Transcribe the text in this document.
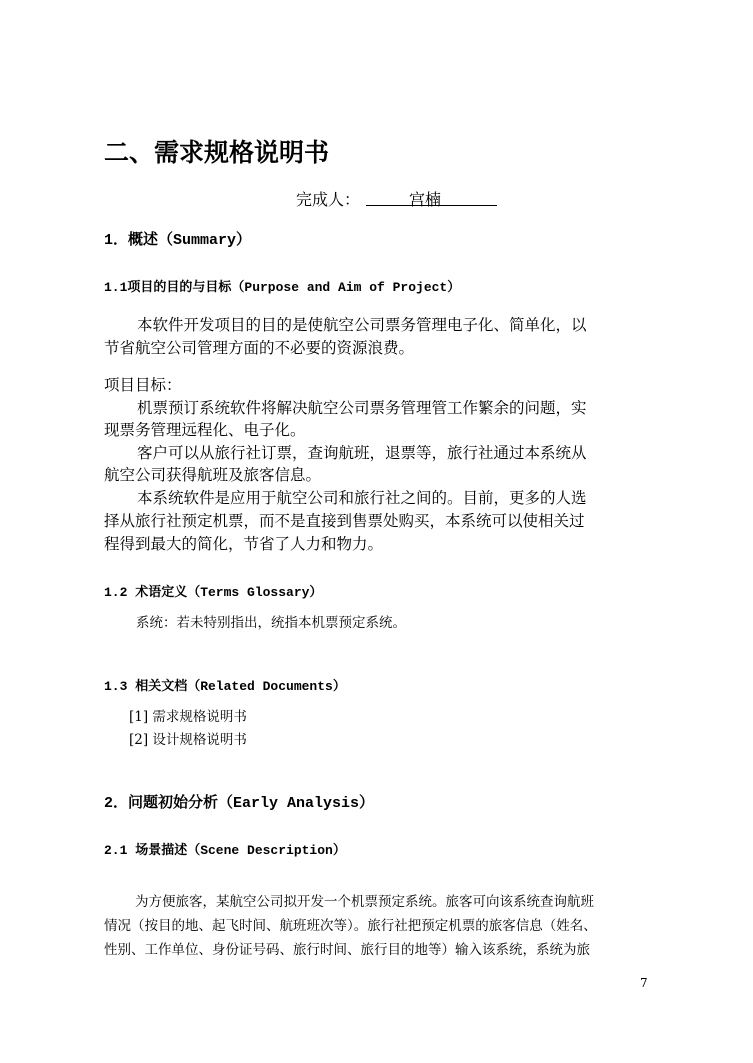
二、需求规格说明书
完成人：	宫楠
1．概述（Summary）
1.1项目的目的与目标（Purpose and Aim of Project）
本软件开发项目的目的是使航空公司票务管理电子化、简单化，以
节省航空公司管理方面的不必要的资源浪费。
项目目标：
机票预订系统软件将解决航空公司票务管理管工作繁余的问题，实
现票务管理远程化、电子化。
客户可以从旅行社订票，查询航班，退票等，旅行社通过本系统从
航空公司获得航班及旅客信息。
本系统软件是应用于航空公司和旅行社之间的。目前，更多的人选
择从旅行社预定机票，而不是直接到售票处购买，本系统可以使相关过
程得到最大的简化，节省了人力和物力。
1.2 术语定义（Terms Glossary）
系统：若未特别指出，统指本机票预定系统。
1.3 相关文档（Related Documents）
[1] 需求规格说明书
[2] 设计规格说明书
2．问题初始分析（Early Analysis）
2.1 场景描述（Scene Description）
为方便旅客，某航空公司拟开发一个机票预定系统。旅客可向该系统查询航班
情况（按目的地、起飞时间、航班班次等）。旅行社把预定机票的旅客信息（姓名、
性别、工作单位、身份证号码、旅行时间、旅行目的地等）输入该系统，系统为旅
7
